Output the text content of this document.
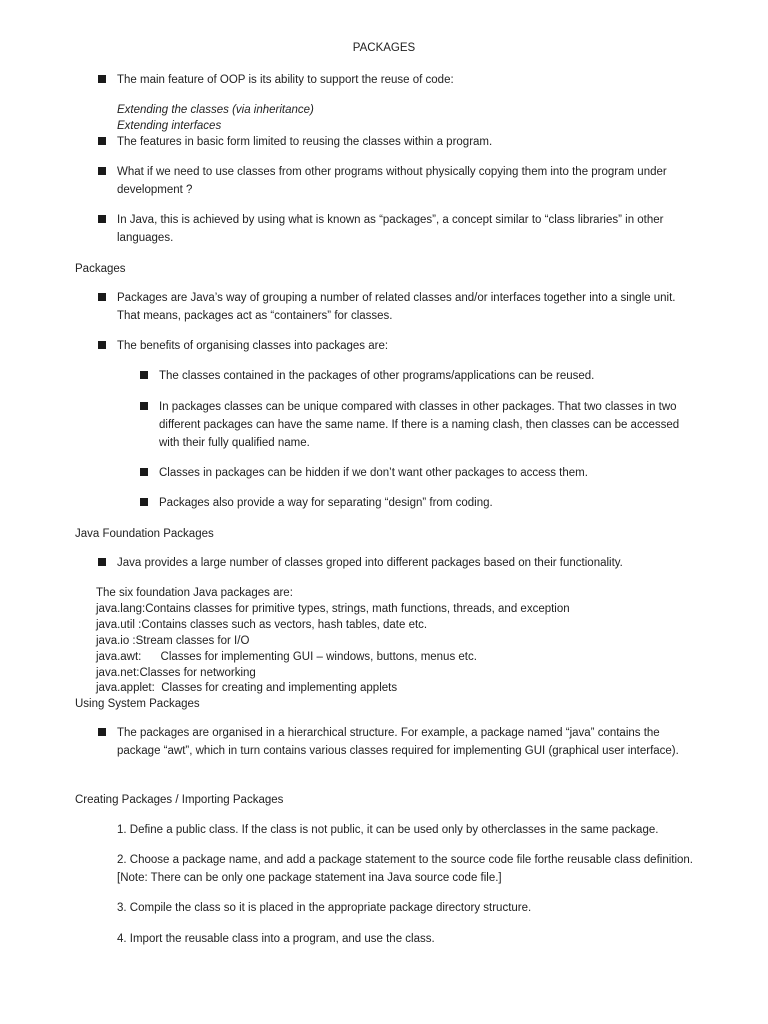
PACKAGES
The main feature of OOP is its ability to support the reuse of code:
Extending the classes (via inheritance)
Extending interfaces
The features in basic form limited to reusing the classes within a program.
What if we need to use classes from other programs without physically copying them into the program under development ?
In Java, this is achieved by using what is known as “packages”, a concept similar to “class libraries” in other languages.
Packages
Packages are Java’s way of grouping a number of related classes and/or interfaces together into a single unit. That means, packages act as “containers” for classes.
The benefits of organising classes into packages are:
The classes contained in the packages of other programs/applications can be reused.
In packages classes can be unique compared with classes in other packages. That two classes in two different packages can have the same name. If there is a naming clash, then classes can be accessed with their fully qualified name.
Classes in packages can be hidden if we don’t want other packages to access them.
Packages also provide a way for separating “design” from coding.
Java Foundation Packages
Java provides a large number of classes groped into different packages based on their functionality.
The six foundation Java packages are:
java.lang:Contains classes for primitive types, strings, math functions, threads, and exception
java.util :Contains classes such as vectors, hash tables, date etc.
java.io :Stream classes for I/O
java.awt:      Classes for implementing GUI – windows, buttons, menus etc.
java.net:Classes for networking
java.applet:  Classes for creating and implementing applets
Using System Packages
The packages are organised in a hierarchical structure. For example, a package named “java” contains the package “awt”, which in turn contains various classes required for implementing GUI (graphical user interface).
Creating Packages / Importing Packages
1. Define a public class. If the class is not public, it can be used only by otherclasses in the same package.
2. Choose a package name, and add a package statement to the source code file forthe reusable class definition. [Note: There can be only one package statement ina Java source code file.]
3. Compile the class so it is placed in the appropriate package directory structure.
4. Import the reusable class into a program, and use the class.
